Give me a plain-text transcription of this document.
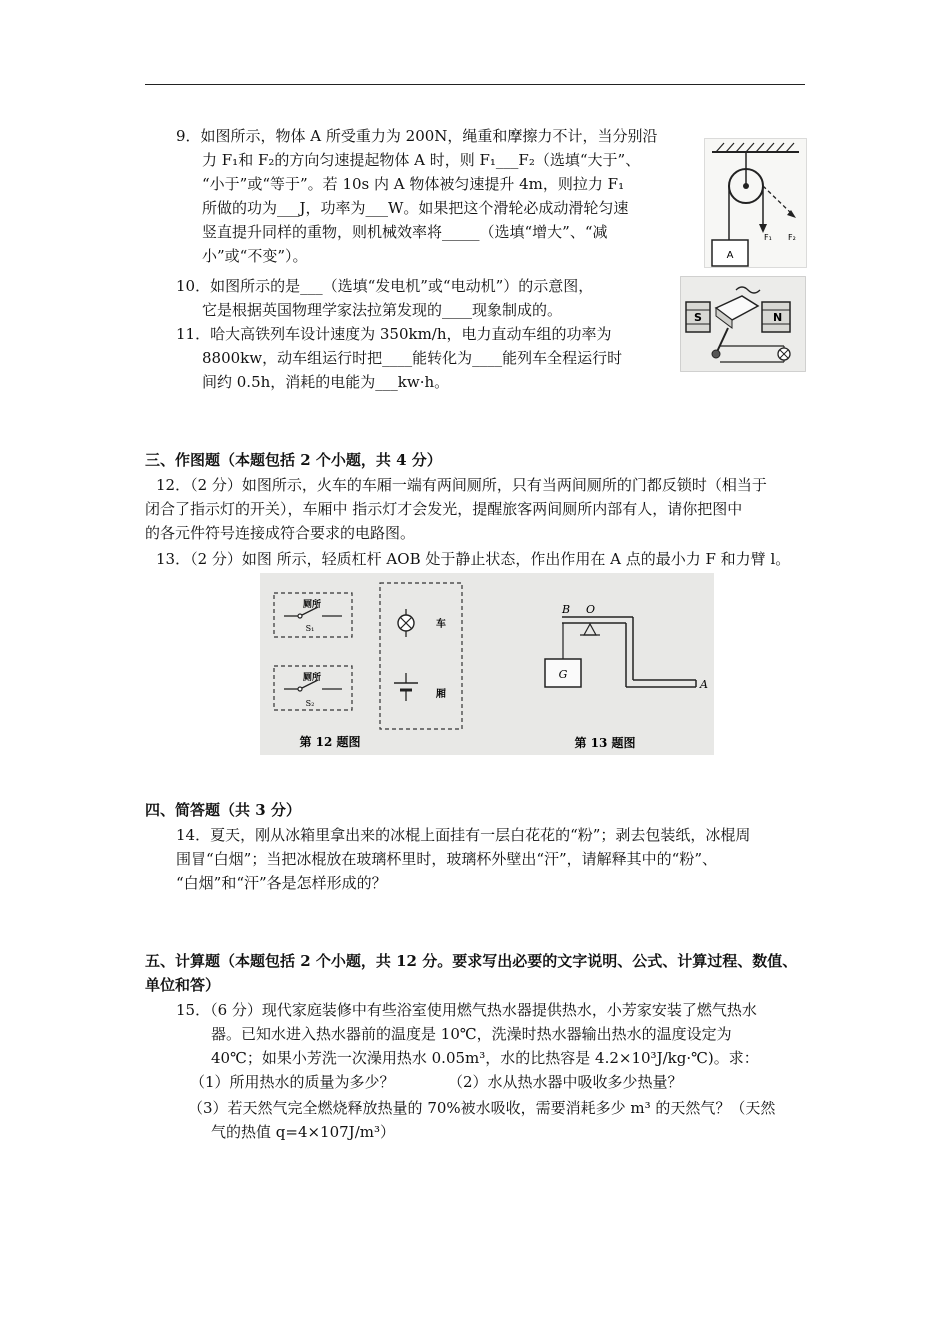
9．如图所示，物体 A 所受重力为 200N，绳重和摩擦力不计，当分别沿
力 F₁和 F₂的方向匀速提起物体 A 时，则 F₁___F₂（选填“大于”、
“小于”或“等于”。若 10s 内 A 物体被匀速提升 4m，则拉力 F₁
所做的功为___J，功率为___W。如果把这个滑轮必成动滑轮匀速
竖直提升同样的重物，则机械效率将_____（选填“增大”、“减
小”或“不变”）。	A
F₁ F₂
10．如图所示的是___（选填“发电机”或“电动机”）的示意图，
它是根据英国物理学家法拉第发现的____现象制成的。	S	N
11．哈大高铁列车设计速度为 350km/h，电力直动车组的功率为
8800kw，动车组运行时把____能转化为____能列车全程运行时
间约 0.5h，消耗的电能为___kw·h。
三、作图题（本题包括 2 个小题，共 4 分）
12．（2 分）如图所示，火车的车厢一端有两间厕所，只有当两间厕所的门都反锁时（相当于
闭合了指示灯的开关），车厢中 指示灯才会发光，提醒旅客两间厕所内部有人，请你把图中
的各元件符号连接成符合要求的电路图。
13．（2 分）如图 所示，轻质杠杆 AOB 处于静止状态，作出作用在 A 点的最小力 F 和力臂 l。
厕所
S₁
厕所
S₂
车
厢
第 12 题图
B O
G
A
第 13 题图
四、简答题（共 3 分）
14．夏天，刚从冰箱里拿出来的冰棍上面挂有一层白花花的“粉”；剥去包装纸，冰棍周
围冒“白烟”；当把冰棍放在玻璃杯里时，玻璃杯外壁出“汗”，请解释其中的“粉”、
“白烟”和“汗”各是怎样形成的？
五、计算题（本题包括 2 个小题，共 12 分。要求写出必要的文字说明、公式、计算过程、数值、
单位和答）
15．（6 分）现代家庭装修中有些浴室使用燃气热水器提供热水，小芳家安装了燃气热水
器。已知水进入热水器前的温度是 10℃，洗澡时热水器输出热水的温度设定为
40℃；如果小芳洗一次澡用热水 0.05m³，水的比热容是 4.2×10³J/kg·℃)。求：
（1）所用热水的质量为多少？	（2）水从热水器中吸收多少热量？
（3）若天然气完全燃烧释放热量的 70%被水吸收，需要消耗多少 m³ 的天然气？（天然
气的热值 q=4×107J/m³）
